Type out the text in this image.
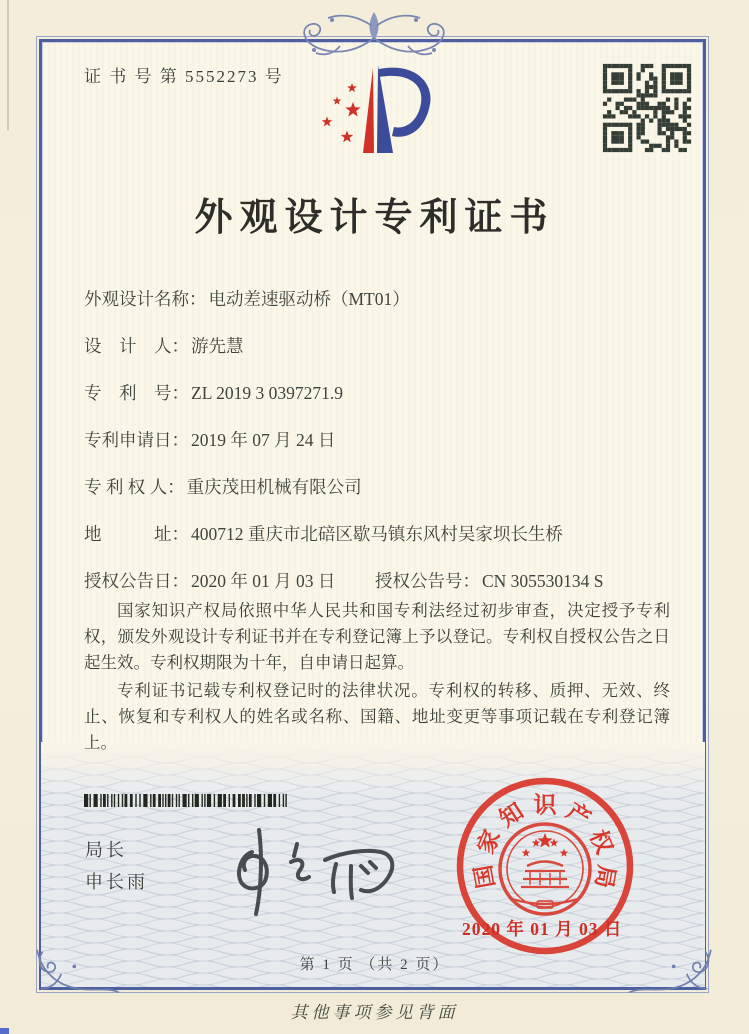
证 书 号 第 5552273 号
外观设计专利证书
外观设计名称： 电动差速驱动桥（MT01）
设　计　人： 游先慧
专　利　号： ZL 2019 3 0397271.9
专利申请日： 2019 年 07 月 24 日
专 利 权 人： 重庆茂田机械有限公司
地　　　址： 400712 重庆市北碚区歇马镇东风村吴家坝长生桥
授权公告日： 2020 年 01 月 03 日 授权公告号： CN 305530134 S

国家知识产权局依照中华人民共和国专利法经过初步审查，决定授予专利权，颁发外观设计专利证书并在专利登记簿上予以登记。专利权自授权公告之日起生效。专利权期限为十年，自申请日起算。

专利证书记载专利权登记时的法律状况。专利权的转移、质押、无效、终止、恢复和专利权人的姓名或名称、国籍、地址变更等事项记载在专利登记簿上。

局长
申长雨	国
家
知 识 产
权
局
2020 年 01 月 03 日
第 1 页 （共 2 页）
其他事项参见背面
